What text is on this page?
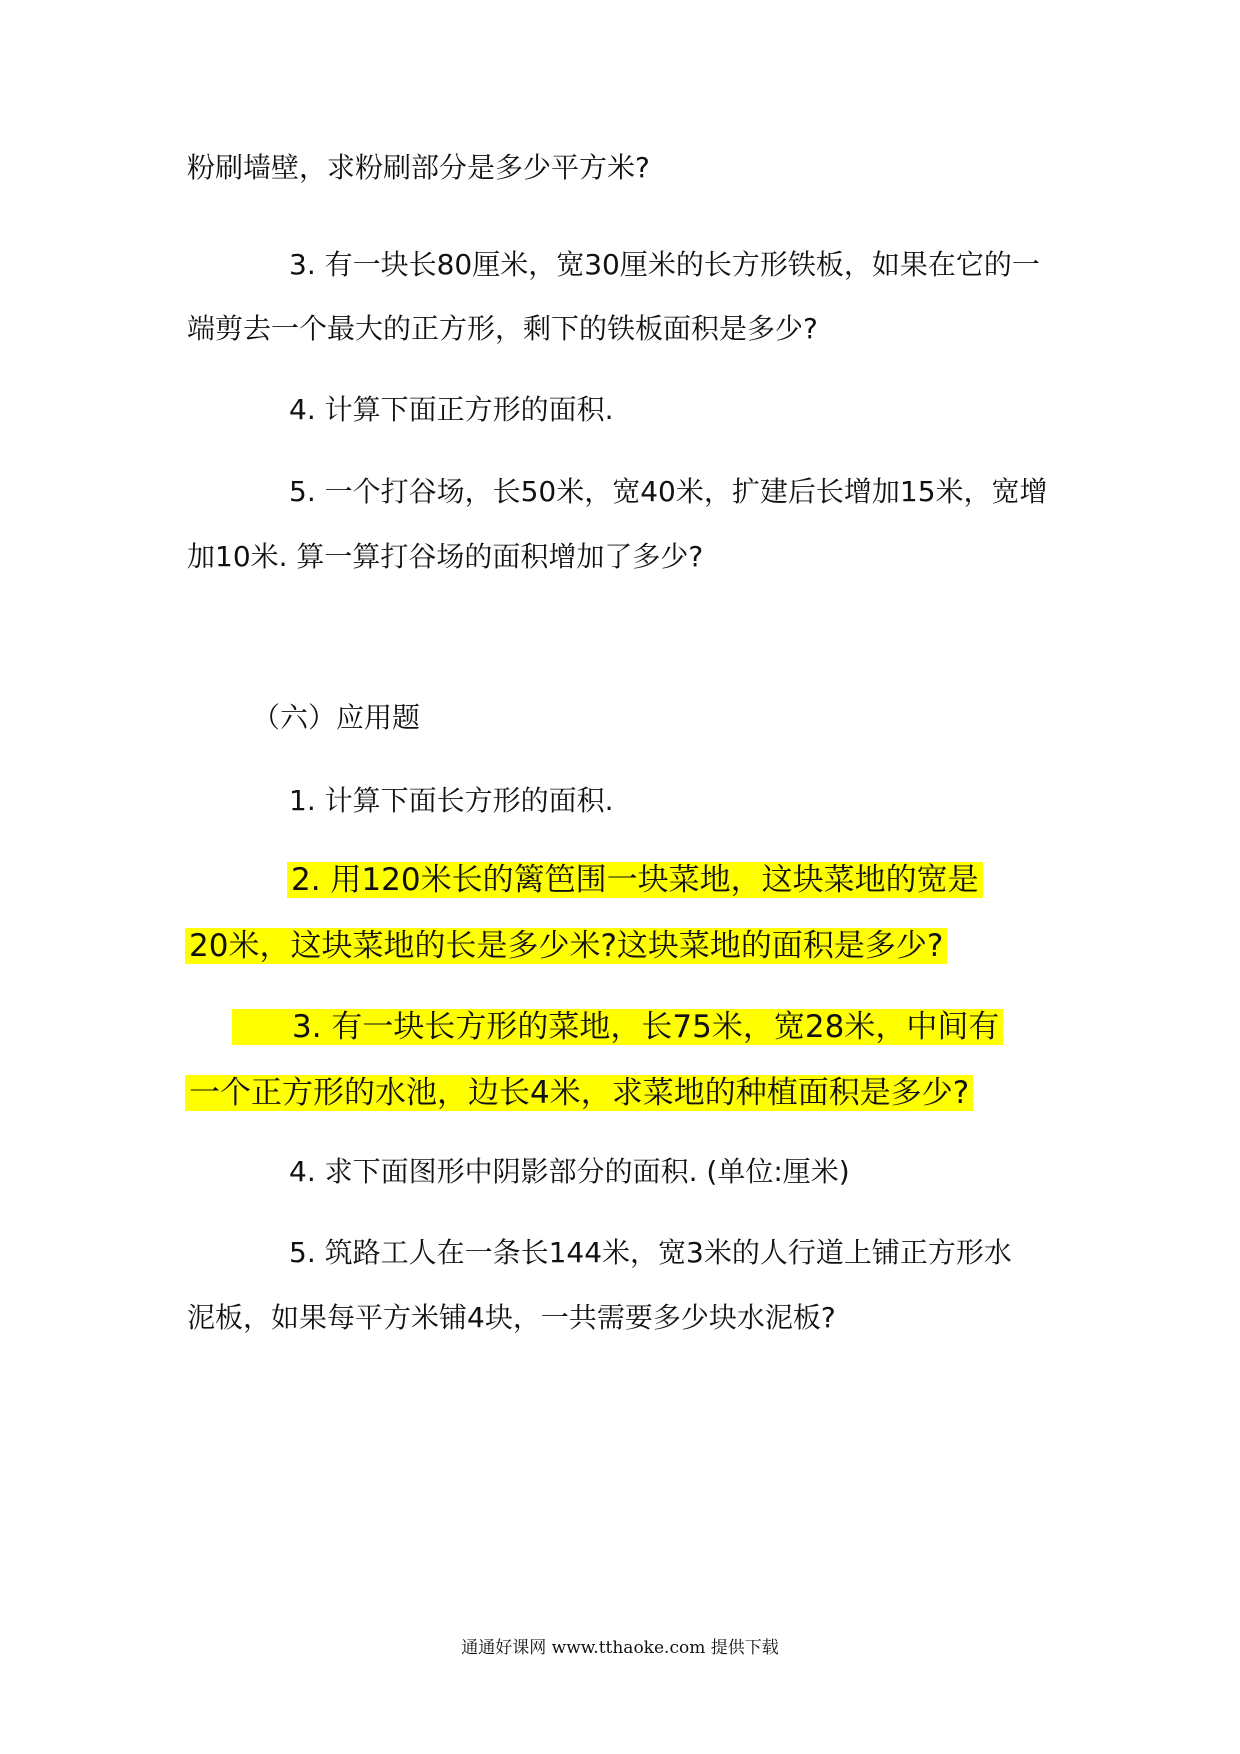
粉刷墙壁，求粉刷部分是多少平方米?
3. 有一块长80厘米，宽30厘米的长方形铁板，如果在它的一
端剪去一个最大的正方形，剩下的铁板面积是多少?
4. 计算下面正方形的面积.
5. 一个打谷场，长50米，宽40米，扩建后长增加15米，宽增
加10米. 算一算打谷场的面积增加了多少?
（六）应用题
1. 计算下面长方形的面积.
2. 用120米长的篱笆围一块菜地，这块菜地的宽是
20米，这块菜地的长是多少米?这块菜地的面积是多少?
3. 有一块长方形的菜地，长75米，宽28米，中间有
一个正方形的水池，边长4米，求菜地的种植面积是多少?
4. 求下面图形中阴影部分的面积. (单位:厘米)
5. 筑路工人在一条长144米，宽3米的人行道上铺正方形水
泥板，如果每平方米铺4块，一共需要多少块水泥板?
通通好课网 www.tthaoke.com 提供下载
